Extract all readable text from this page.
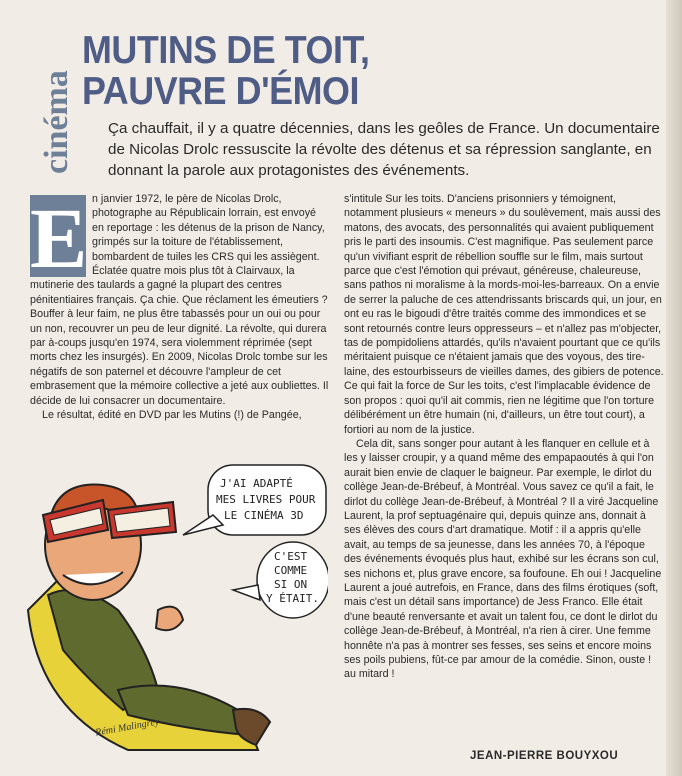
cinéma
MUTINS DE TOIT,
PAUVRE D'ÉMOI
Ça chauffait, il y a quatre décennies, dans les geôles de France. Un documentaire de Nicolas Drolc ressuscite la révolte des détenus et sa répression sanglante, en donnant la parole aux protagonistes des événements.

E n janvier 1972, le père de Nicolas Drolc, photographe au Républicain lorrain, est envoyé en reportage : les détenus de la prison de Nancy, grimpés sur la toiture de l'établissement, bombardent de tuiles les CRS qui les assiègent. Éclatée quatre mois plus tôt à Clairvaux, la mutinerie des taulards a gagné la plupart des centres pénitentiaires français. Ça chie. Que réclament les émeutiers ? Bouffer à leur faim, ne plus être tabassés pour un oui ou pour un non, recouvrer un peu de leur dignité. La révolte, qui durera par à-coups jusqu'en 1974, sera violemment réprimée (sept morts chez les insurgés). En 2009, Nicolas Drolc tombe sur les négatifs de son paternel et découvre l'ampleur de cet embrasement que la mémoire collective a jeté aux oubliettes. Il décide de lui consacrer un documentaire.

Le résultat, édité en DVD par les Mutins (!) de Pangée,

s'intitule Sur les toits. D'anciens prisonniers y témoignent, notamment plusieurs « meneurs » du soulèvement, mais aussi des matons, des avocats, des personnalités qui avaient publiquement pris le parti des insoumis. C'est magnifique. Pas seulement parce qu'un vivifiant esprit de rébellion souffle sur le film, mais surtout parce que c'est l'émotion qui prévaut, généreuse, chaleureuse, sans pathos ni moralisme à la mords-moi-les-barreaux. On a envie de serrer la paluche de ces attendrissants briscards qui, un jour, en ont eu ras le bigoudi d'être traités comme des immondices et se sont retournés contre leurs oppresseurs – et n'allez pas m'objecter, tas de pompidoliens attardés, qu'ils n'avaient pourtant que ce qu'ils méritaient puisque ce n'étaient jamais que des voyous, des tire-laine, des estourbisseurs de vieilles dames, des gibiers de potence. Ce qui fait la force de Sur les toits, c'est l'implacable évidence de son propos : quoi qu'il ait commis, rien ne légitime que l'on torture délibérément un être humain (ni, d'ailleurs, un être tout court), a fortiori au nom de la justice.

Cela dit, sans songer pour autant à les flanquer en cellule et à les y laisser croupir, y a quand même des empapaoutés à qui l'on aurait bien envie de claquer le baigneur. Par exemple, le dirlot du collège Jean-de-Brébeuf, à Montréal. Vous savez ce qu'il a fait, le dirlot du collège Jean-de-Brébeuf, à Montréal ? Il a viré Jacqueline Laurent, la prof septuagénaire qui, depuis quinze ans, donnait à ses élèves des cours d'art dramatique. Motif : il a appris qu'elle avait, au temps de sa jeunesse, dans les années 70, à l'époque des événements évoqués plus haut, exhibé sur les écrans son cul, ses nichons et, plus grave encore, sa foufoune. Eh oui ! Jacqueline Laurent a joué autrefois, en France, dans des films érotiques (soft, mais c'est un détail sans importance) de Jess Franco. Elle était d'une beauté renversante et avait un talent fou, ce dont le dirlot du collège Jean-de-Brébeuf, à Montréal, n'a rien à cirer. Une femme honnête n'a pas à montrer ses fesses, ses seins et encore moins ses poils pubiens, fût-ce par amour de la comédie. Sinon, ouste ! au mitard !

J'AI ADAPTÉ
MES LIVRES POUR
LE CINÉMA 3D
C'EST
COMME
SI ON
Y ÉTAIT.
Rémi Malingrëy
JEAN-PIERRE BOUYXOU
